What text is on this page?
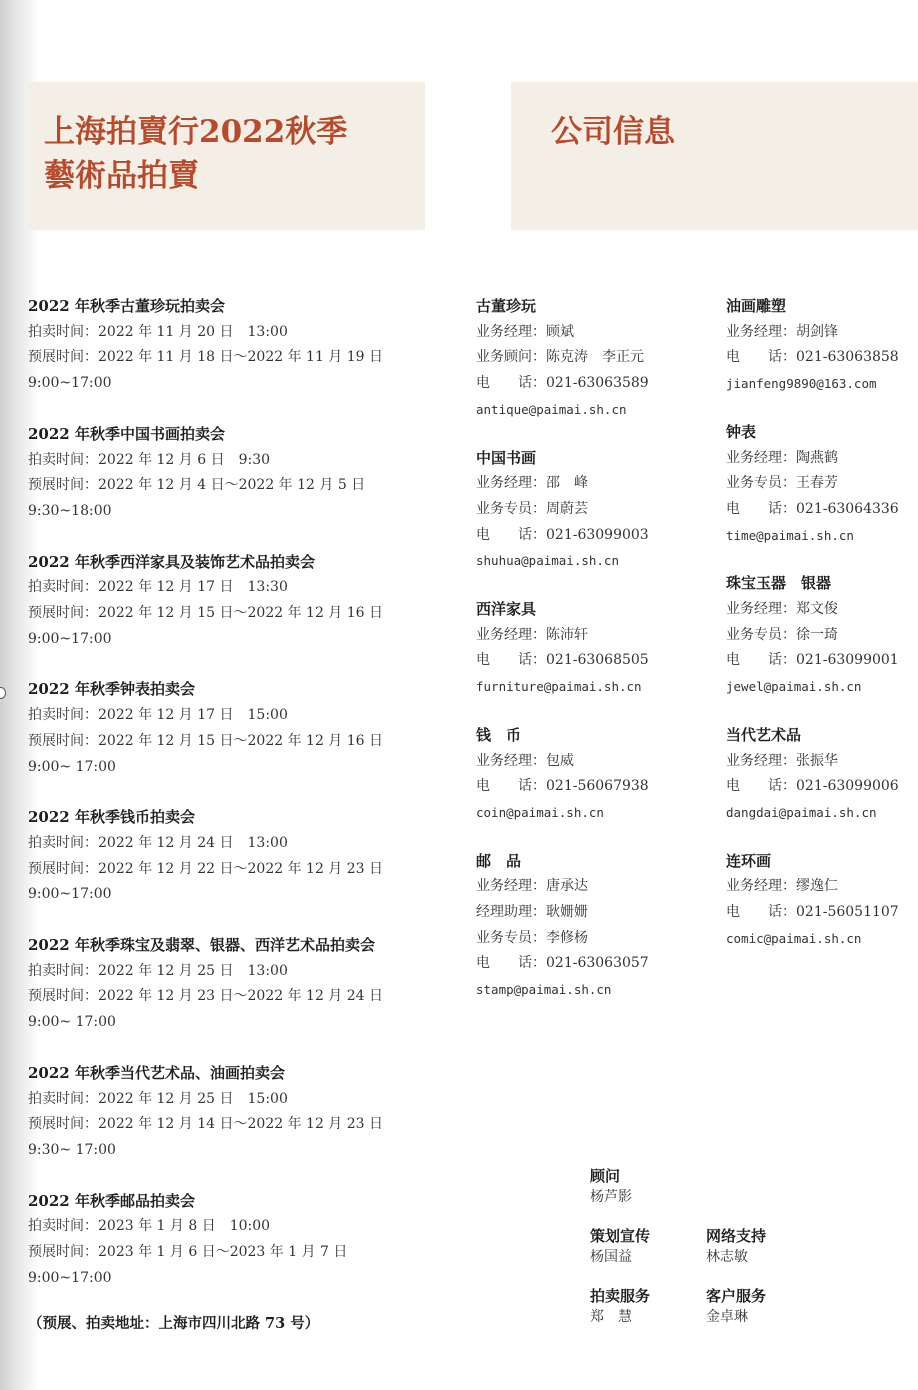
上海拍賣行2022秋季
藝術品拍賣
公司信息
2022 年秋季古董珍玩拍卖会
拍卖时间：2022 年 11 月 20 日　13:00
预展时间：2022 年 11 月 18 日～2022 年 11 月 19 日
9:00~17:00
2022 年秋季中国书画拍卖会
拍卖时间：2022 年 12 月 6 日　9:30
预展时间：2022 年 12 月 4 日～2022 年 12 月 5 日
9:30~18:00
2022 年秋季西洋家具及装饰艺术品拍卖会
拍卖时间：2022 年 12 月 17 日　13:30
预展时间：2022 年 12 月 15 日～2022 年 12 月 16 日
9:00~17:00
2022 年秋季钟表拍卖会
拍卖时间：2022 年 12 月 17 日　15:00
预展时间：2022 年 12 月 15 日～2022 年 12 月 16 日
9:00~ 17:00
2022 年秋季钱币拍卖会
拍卖时间：2022 年 12 月 24 日　13:00
预展时间：2022 年 12 月 22 日～2022 年 12 月 23 日
9:00~17:00
2022 年秋季珠宝及翡翠、银器、西洋艺术品拍卖会
拍卖时间：2022 年 12 月 25 日　13:00
预展时间：2022 年 12 月 23 日～2022 年 12 月 24 日
9:00~ 17:00
2022 年秋季当代艺术品、油画拍卖会
拍卖时间：2022 年 12 月 25 日　15:00
预展时间：2022 年 12 月 14 日～2022 年 12 月 23 日
9:30~ 17:00
2022 年秋季邮品拍卖会
拍卖时间：2023 年 1 月 8 日　10:00
预展时间：2023 年 1 月 6 日～2023 年 1 月 7 日
9:00~17:00
（预展、拍卖地址：上海市四川北路 73 号）
古董珍玩
业务经理：顾斌
业务顾问：陈克涛　李正元
电　　话：021-63063589
antique@paimai.sh.cn
中国书画
业务经理：邵　峰
业务专员：周蔚芸
电　　话：021-63099003
shuhua@paimai.sh.cn
西洋家具
业务经理：陈沛轩
电　　话：021-63068505
furniture@paimai.sh.cn
钱　币
业务经理：包威
电　　话：021-56067938
coin@paimai.sh.cn
邮　品
业务经理：唐承达
经理助理：耿姗姗
业务专员：李修杨
电　　话：021-63063057
stamp@paimai.sh.cn
油画雕塑
业务经理：胡剑锋
电　　话：021-63063858
jianfeng9890@163.com
钟表
业务经理：陶燕鹤
业务专员：王春芳
电　　话：021-63064336
time@paimai.sh.cn
珠宝玉器　银器
业务经理：郑文俊
业务专员：徐一琦
电　　话：021-63099001
jewel@paimai.sh.cn
当代艺术品
业务经理：张振华
电　　话：021-63099006
dangdai@paimai.sh.cn
连环画
业务经理：缪逸仁
电　　话：021-56051107
comic@paimai.sh.cn
顾问
杨芦影
策划宣传
杨国益
网络支持
林志敏
拍卖服务
郑　慧
客户服务
金卓琳
